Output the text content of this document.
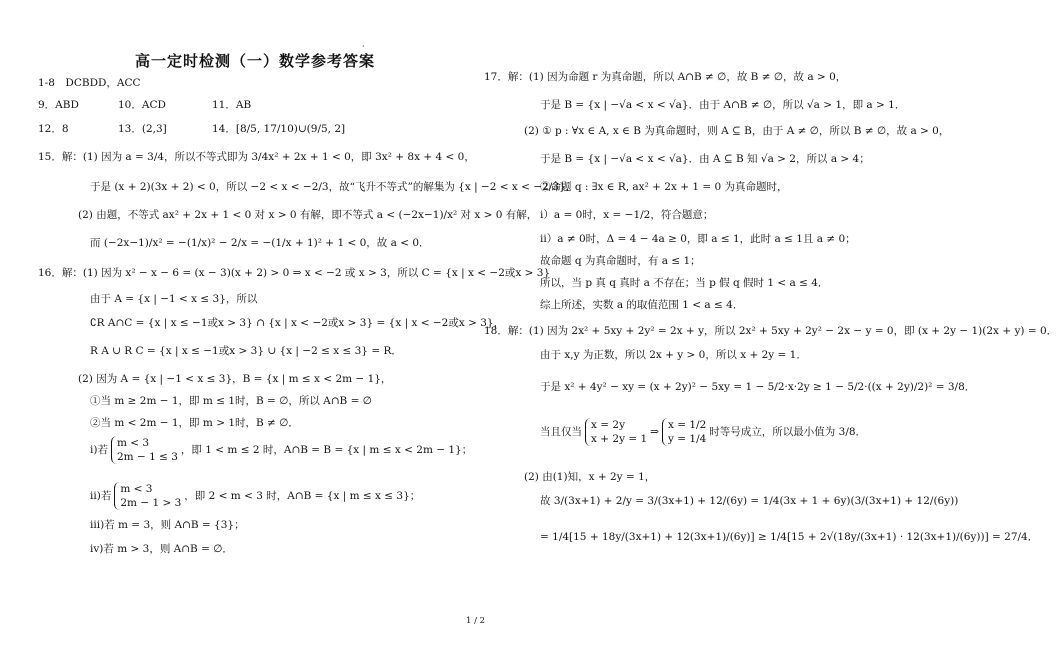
高一定时检测（一）数学参考答案
·
1-8　DCBDD，ACC
9．ABD	10．ACD	11．AB
12．8	13．(2,3]	14．[8/5, 17/10)∪(9/5, 2]
15．解：(1) 因为 a = 3/4，所以不等式即为 3/4x² + 2x + 1 < 0，即 3x² + 8x + 4 < 0，
于是 (x + 2)(3x + 2) < 0，所以 −2 < x < −2/3，故“飞升不等式”的解集为 {x | −2 < x < −2/3}．
(2) 由题，不等式 ax² + 2x + 1 < 0 对 x > 0 有解，即不等式 a < (−2x−1)/x² 对 x > 0 有解，
而 (−2x−1)/x² = −(1/x)² − 2/x = −(1/x + 1)² + 1 < 0，故 a < 0．
16．解：(1) 因为 x² − x − 6 = (x − 3)(x + 2) > 0 ⇒ x < −2 或 x > 3，所以 C = {x | x < −2或x > 3}
由于 A = {x | −1 < x ≤ 3}，所以
∁R A∩C = {x | x ≤ −1或x > 3} ∩ {x | x < −2或x > 3} = {x | x < −2或x > 3}，
R A ∪ R C = {x | x ≤ −1或x > 3} ∪ {x | −2 ≤ x ≤ 3} = R．
(2) 因为 A = {x | −1 < x ≤ 3}，B = {x | m ≤ x < 2m − 1}，
①当 m ≥ 2m − 1，即 m ≤ 1时，B = ∅，所以 A∩B = ∅
②当 m < 2m − 1，即 m > 1时，B ≠ ∅．
i)若
m < 3
2m − 1 ≤ 3
，即 1 < m ≤ 2 时，A∩B = B = {x | m ≤ x < 2m − 1}；
ii)若
m < 3
2m − 1 > 3
，即 2 < m < 3 时，A∩B = {x | m ≤ x ≤ 3}；
iii)若 m = 3，则 A∩B = {3}；
iv)若 m > 3，则 A∩B = ∅．
17．解：(1) 因为命题 r 为真命题，所以 A∩B ≠ ∅，故 B ≠ ∅，故 a > 0，
于是 B = {x | −√a < x < √a}．由于 A∩B ≠ ∅，所以 √a > 1，即 a > 1．
(2) ① p : ∀x ∈ A, x ∈ B 为真命题时，则 A ⊆ B，由于 A ≠ ∅，所以 B ≠ ∅，故 a > 0，
于是 B = {x | −√a < x < √a}．由 A ⊆ B 知 √a > 2，所以 a > 4；
②命题 q : ∃x ∈ R, ax² + 2x + 1 = 0 为真命题时，
i）a = 0时，x = −1/2，符合题意；
ii）a ≠ 0时，Δ = 4 − 4a ≥ 0，即 a ≤ 1，此时 a ≤ 1且 a ≠ 0；
故命题 q 为真命题时，有 a ≤ 1；
所以，当 p 真 q 真时 a 不存在；当 p 假 q 假时 1 < a ≤ 4．
综上所述，实数 a 的取值范围 1 < a ≤ 4．
18．解：(1) 因为 2x² + 5xy + 2y² = 2x + y，所以 2x² + 5xy + 2y² − 2x − y = 0，即 (x + 2y − 1)(2x + y) = 0．
由于 x,y 为正数，所以 2x + y > 0，所以 x + 2y = 1．
于是 x² + 4y² − xy = (x + 2y)² − 5xy = 1 − 5/2·x·2y ≥ 1 − 5/2·((x + 2y)/2)² = 3/8．
当且仅当
x = 2y
x + 2y = 1
⇒
x = 1/2
y = 1/4
时等号成立，所以最小值为 3/8．
(2) 由(1)知，x + 2y = 1，
故 3/(3x+1) + 2/y = 3/(3x+1) + 12/(6y) = 1/4(3x + 1 + 6y)(3/(3x+1) + 12/(6y))
= 1/4[15 + 18y/(3x+1) + 12(3x+1)/(6y)] ≥ 1/4[15 + 2√(18y/(3x+1) · 12(3x+1)/(6y))] = 27/4．
1 / 2
